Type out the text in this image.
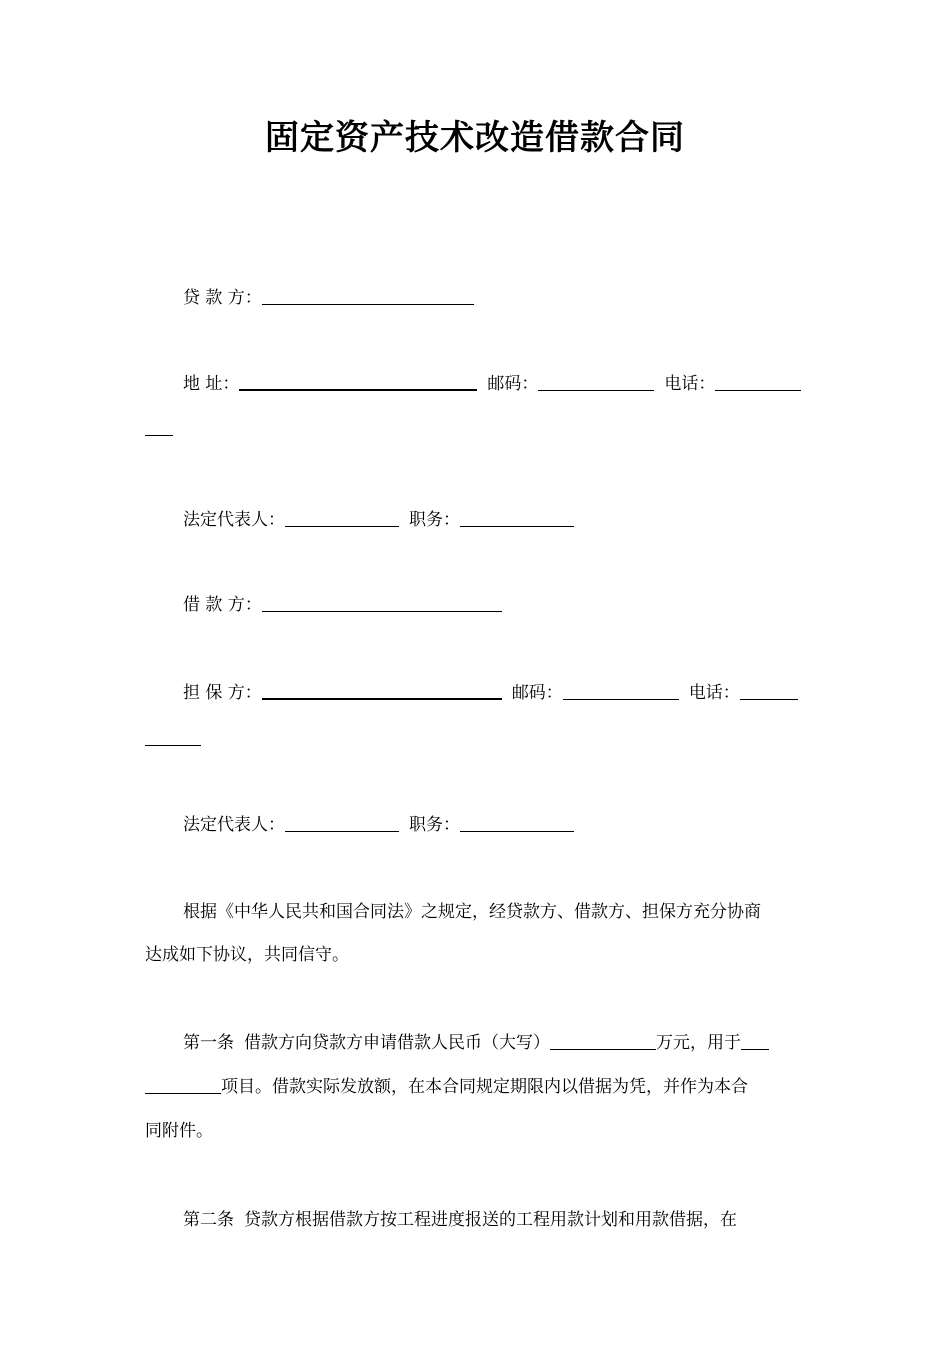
固定资产技术改造借款合同
贷 款 方：
地 址：	邮码：	电话：
法定代表人：	职务：
借 款 方：
担 保 方：	邮码：	电话：
法定代表人：	职务：
根据《中华人民共和国合同法》之规定，经贷款方、借款方、担保方充分协商
达成如下协议，共同信守。
第一条 借款方向贷款方申请借款人民币（大写）	万元，用于
项目。借款实际发放额，在本合同规定期限内以借据为凭，并作为本合
同附件。
第二条 贷款方根据借款方按工程进度报送的工程用款计划和用款借据，在
